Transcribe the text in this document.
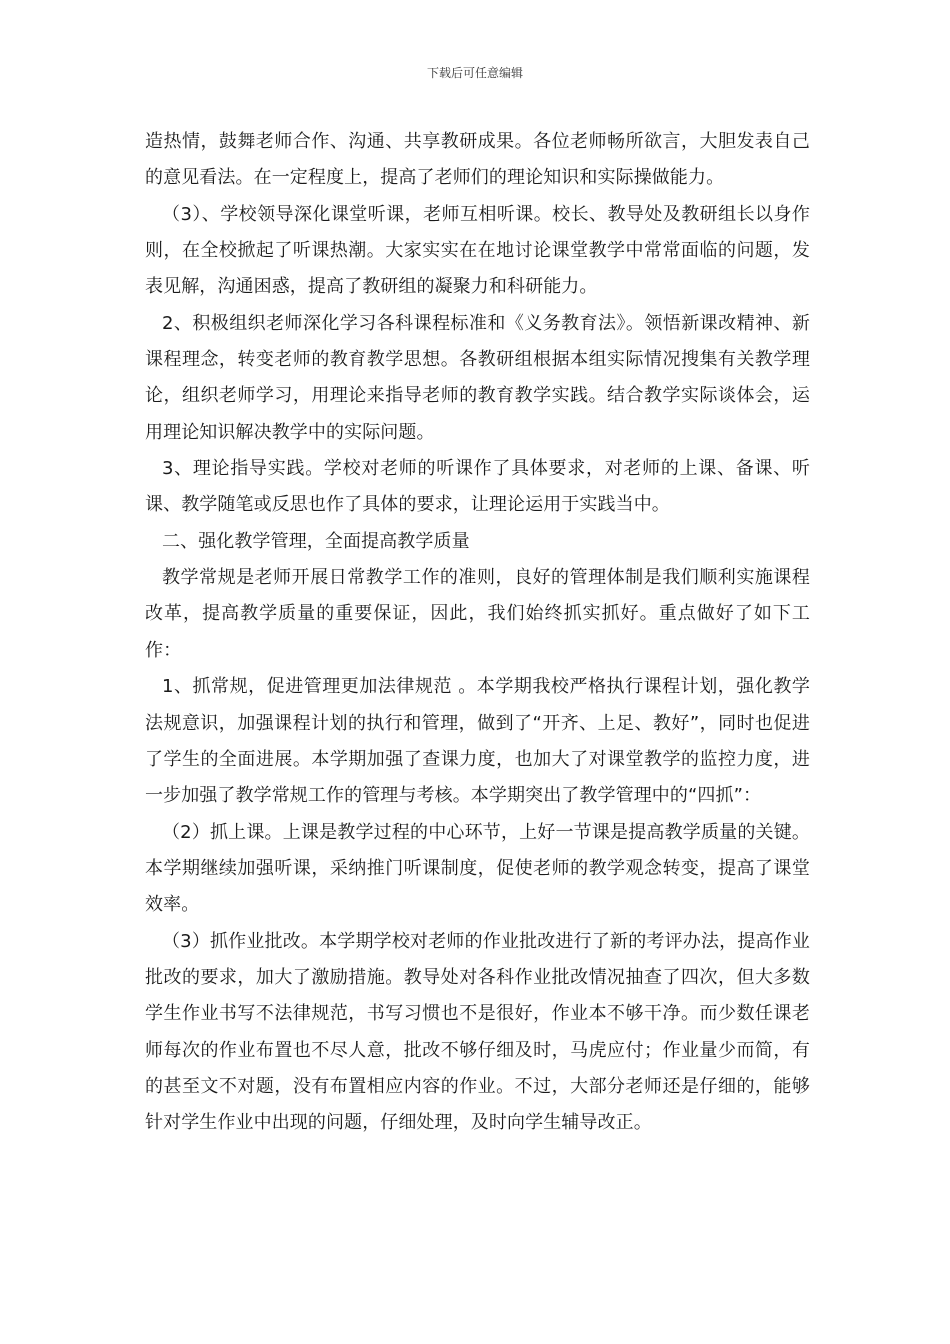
下载后可任意编辑

造热情，鼓舞老师合作、沟通、共享教研成果。各位老师畅所欲言，大胆发表自己的意见看法。在一定程度上，提高了老师们的理论知识和实际操做能力。

（3）、学校领导深化课堂听课，老师互相听课。校长、教导处及教研组长以身作则，在全校掀起了听课热潮。大家实实在在地讨论课堂教学中常常面临的问题，发表见解，沟通困惑，提高了教研组的凝聚力和科研能力。

2、积极组织老师深化学习各科课程标准和《义务教育法》。领悟新课改精神、新课程理念，转变老师的教育教学思想。各教研组根据本组实际情况搜集有关教学理论，组织老师学习，用理论来指导老师的教育教学实践。结合教学实际谈体会，运用理论知识解决教学中的实际问题。

3、理论指导实践。学校对老师的听课作了具体要求，对老师的上课、备课、听课、教学随笔或反思也作了具体的要求，让理论运用于实践当中。

二、强化教学管理，全面提高教学质量

教学常规是老师开展日常教学工作的准则，良好的管理体制是我们顺利实施课程改革，提高教学质量的重要保证，因此，我们始终抓实抓好。重点做好了如下工作：

1、抓常规，促进管理更加法律规范 。本学期我校严格执行课程计划，强化教学法规意识，加强课程计划的执行和管理，做到了“开齐、上足、教好”，同时也促进了学生的全面进展。本学期加强了查课力度，也加大了对课堂教学的监控力度，进一步加强了教学常规工作的管理与考核。本学期突出了教学管理中的“四抓”：

（2）抓上课。上课是教学过程的中心环节，上好一节课是提高教学质量的关键。本学期继续加强听课，采纳推门听课制度，促使老师的教学观念转变，提高了课堂效率。

（3）抓作业批改。本学期学校对老师的作业批改进行了新的考评办法，提高作业批改的要求，加大了激励措施。教导处对各科作业批改情况抽查了四次，但大多数学生作业书写不法律规范，书写习惯也不是很好，作业本不够干净。而少数任课老师每次的作业布置也不尽人意，批改不够仔细及时，马虎应付；作业量少而简，有的甚至文不对题，没有布置相应内容的作业。不过，大部分老师还是仔细的，能够针对学生作业中出现的问题，仔细处理，及时向学生辅导改正。
